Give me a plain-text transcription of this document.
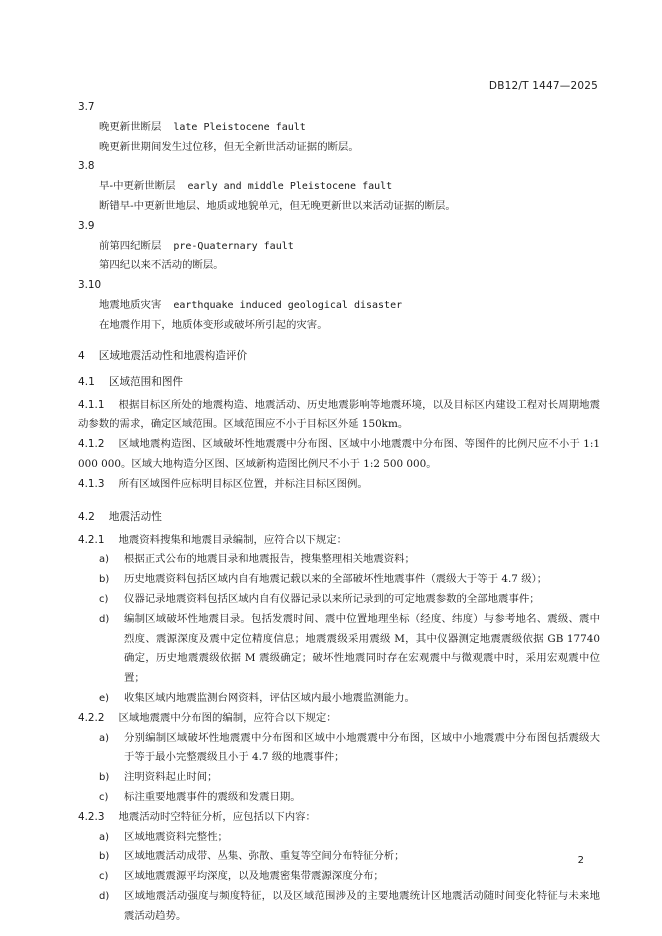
DB12/T 1447—2025
3.7
晚更新世断层 late Pleistocene fault
晚更新世期间发生过位移，但无全新世活动证据的断层。
3.8
早-中更新世断层 early and middle Pleistocene fault
断错早-中更新世地层、地质或地貌单元，但无晚更新世以来活动证据的断层。
3.9
前第四纪断层 pre-Quaternary fault
第四纪以来不活动的断层。
3.10
地震地质灾害 earthquake induced geological disaster
在地震作用下，地质体变形或破坏所引起的灾害。
4 区域地震活动性和地震构造评价
4.1 区域范围和图件
4.1.1 根据目标区所处的地震构造、地震活动、历史地震影响等地震环境，以及目标区内建设工程对长周期地震动参数的需求，确定区域范围。区域范围应不小于目标区外延 150km。
4.1.2 区域地震构造图、区域破坏性地震震中分布图、区域中小地震震中分布图、等图件的比例尺应不小于 1:1 000 000。区域大地构造分区图、区域新构造图比例尺不小于 1:2 500 000。
4.1.3 所有区域图件应标明目标区位置，并标注目标区图例。
4.2 地震活动性
4.2.1 地震资料搜集和地震目录编制，应符合以下规定：
a) 根据正式公布的地震目录和地震报告，搜集整理相关地震资料；
b) 历史地震资料包括区域内自有地震记载以来的全部破坏性地震事件（震级大于等于 4.7 级）；
c) 仪器记录地震资料包括区域内自有仪器记录以来所记录到的可定地震参数的全部地震事件；
d) 编制区域破坏性地震目录。包括发震时间、震中位置地理坐标（经度、纬度）与参考地名、震级、震中烈度、震源深度及震中定位精度信息；地震震级采用震级 M，其中仪器测定地震震级依据 GB 17740 确定，历史地震震级依据 M 震级确定；破坏性地震同时存在宏观震中与微观震中时，采用宏观震中位置；
e) 收集区域内地震监测台网资料，评估区域内最小地震监测能力。
4.2.2 区域地震震中分布图的编制，应符合以下规定：
a) 分别编制区域破坏性地震震中分布图和区域中小地震震中分布图，区域中小地震震中分布图包括震级大于等于最小完整震级且小于 4.7 级的地震事件；
b) 注明资料起止时间；
c) 标注重要地震事件的震级和发震日期。
4.2.3 地震活动时空特征分析，应包括以下内容：
a) 区域地震资料完整性；
b) 区域地震活动成带、丛集、弥散、重复等空间分布特征分析；
c) 区域地震震源平均深度，以及地震密集带震源深度分布；
d) 区域地震活动强度与频度特征，以及区域范围涉及的主要地震统计区地震活动随时间变化特征与未来地震活动趋势。
2
